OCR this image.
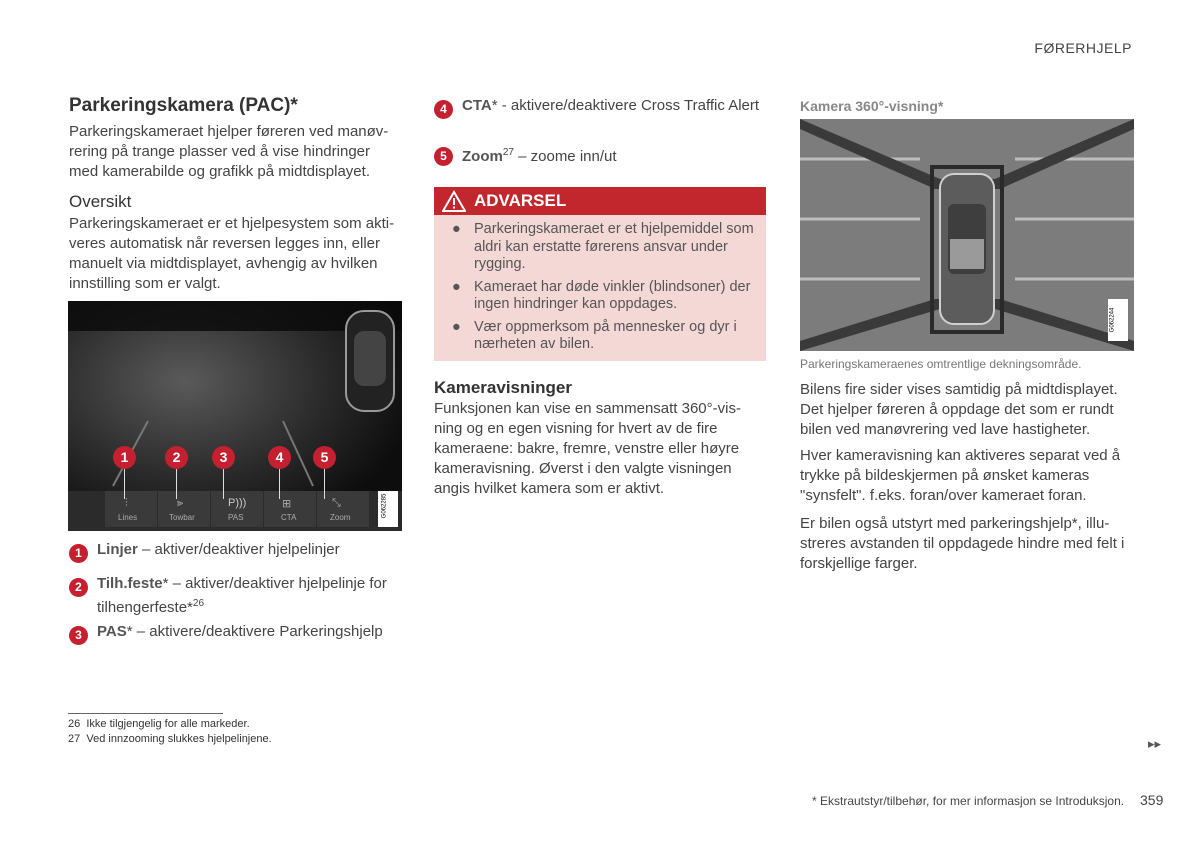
FØRERHJELP
Parkeringskamera (PAC)*
Parkeringskameraet hjelper føreren ved manøvrering på trange plasser ved å vise hindringer med kamerabilde og grafikk på midtdisplayet.
Oversikt
Parkeringskameraet er et hjelpesystem som aktiveres automatisk når reversen legges inn, eller manuelt via midtdisplayet, avhengig av hvilken innstilling som er valgt.
Lines	Towbar	PAS	CTA	Zoom
⫶	⫸	P)))	⊞	⤡
1	2	3	4	5
G062285
1	Linjer – aktiver/deaktiver hjelpelinjer
2	Tilh.feste* – aktiver/deaktiver hjelpelinje for tilhengerfeste*$^{26}$
3	PAS* – aktivere/deaktivere Parkeringshjelp
4	CTA* - aktivere/deaktivere Cross Traffic Alert
5	Zoom$^{27}$ – zoome inn/ut
ADVARSEL
● Parkeringskameraet er et hjelpemiddel som aldri kan erstatte førerens ansvar under rygging.
● Kameraet har døde vinkler (blindsoner) der ingen hindringer kan oppdages.
● Vær oppmerksom på mennesker og dyr i nærheten av bilen.
Kameravisninger
Funksjonen kan vise en sammensatt 360°-visning og en egen visning for hvert av de fire kameraene: bakre, fremre, venstre eller høyre kameravisning. Øverst i den valgte visningen angis hvilket kamera som er aktivt.
Kamera 360°-visning*
G062244
Parkeringskameraenes omtrentlige dekningsområde.
Bilens fire sider vises samtidig på midtdisplayet. Det hjelper føreren å oppdage det som er rundt bilen ved manøvrering ved lave hastigheter.
Hver kameravisning kan aktiveres separat ved å trykke på bildeskjermen på ønsket kameras "synsfelt". f.eks. foran/over kameraet foran.
Er bilen også utstyrt med parkeringshjelp*, illustreres avstanden til oppdagede hindre med felt i forskjellige farger.
26 Ikke tilgjengelig for alle markeder.
27 Ved innzooming slukkes hjelpelinjene.	▸▸
* Ekstrautstyr/tilbehør, for mer informasjon se Introduksjon. 359
